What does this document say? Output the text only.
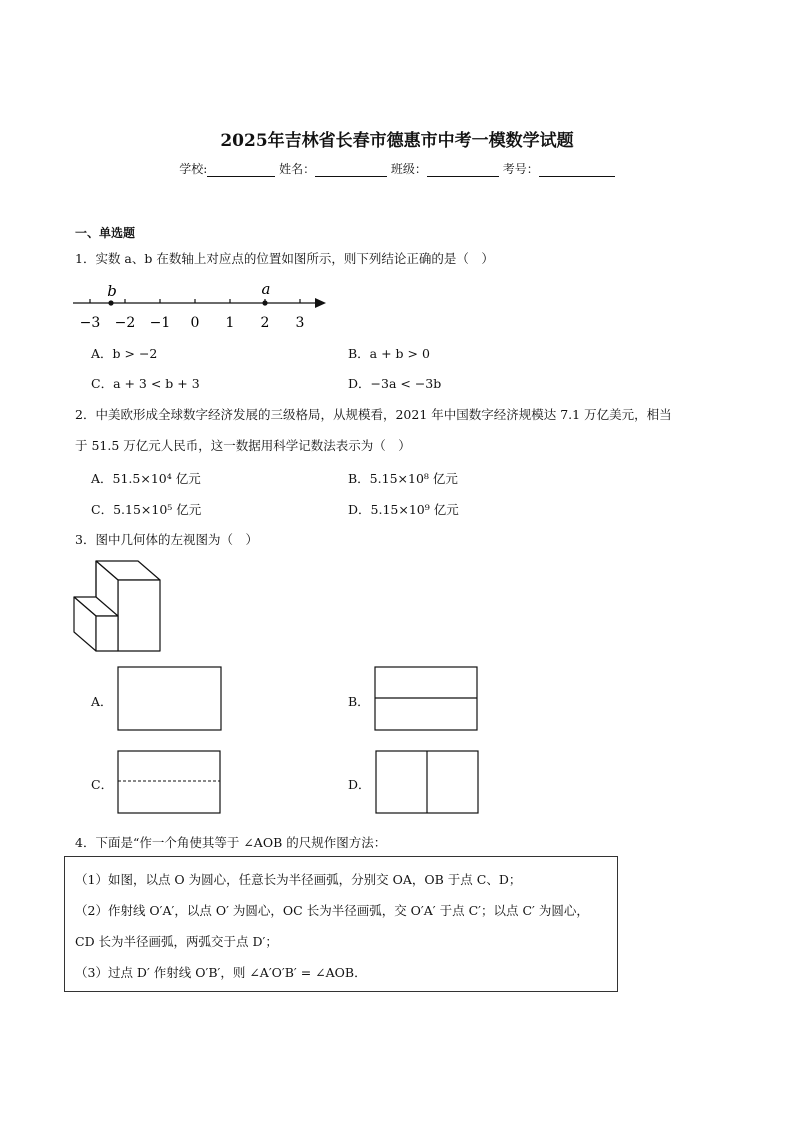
2025年吉林省长春市德惠市中考一模数学试题
学校:	姓名：	班级：	考号：
一、单选题
1．实数 a、b 在数轴上对应点的位置如图所示，则下列结论正确的是（　）
−3 −2 −1 0 1 2 3
b	a
A．b > −2	B．a + b > 0
C．a + 3 < b + 3	D．−3a < −3b
2．中美欧形成全球数字经济发展的三级格局，从规模看，2021 年中国数字经济规模达 7.1 万亿美元，相当
于 51.5 万亿元人民币，这一数据用科学记数法表示为（　）
A．51.5×10⁴ 亿元	B．5.15×10⁸ 亿元
C．5.15×10⁵ 亿元	D．5.15×10⁹ 亿元
3．图中几何体的左视图为（　）
A．	B．
C．	D．
4．下面是“作一个角使其等于 ∠AOB 的尺规作图方法：
（1）如图，以点 O 为圆心，任意长为半径画弧，分别交 OA，OB 于点 C、D；
（2）作射线 O′A′，以点 O′ 为圆心，OC 长为半径画弧，交 O′A′ 于点 C′；以点 C′ 为圆心，
CD 长为半径画弧，两弧交于点 D′；
（3）过点 D′ 作射线 O′B′，则 ∠A′O′B′ = ∠AOB．
